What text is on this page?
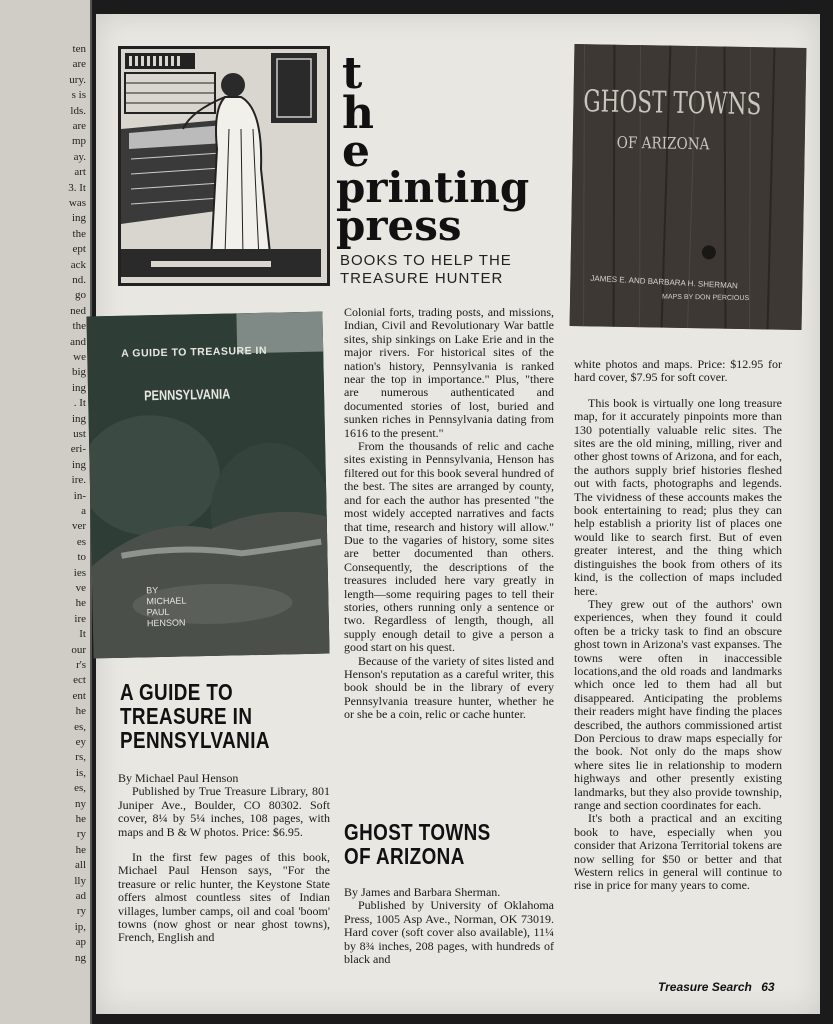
ten
are
ury.
s is
lds.
are
mp
ay.
art
3. It
was
ing
the
ept
ack
nd.
go
ned
the
and
we
big
ing
. It
ing
ust
eri-
ing
ire.
in-
a
ver
es
to
ies
ve
he
ire
It
our
r's
ect
ent
he
es,
ey
rs,
is,
es,
ny
he
ry
he
all
lly
ad
ry
ip,
ap
ng
t
h
e
printing
press
BOOKS TO HELP THE
TREASURE HUNTER
A GUIDE TO TREASURE IN
PENNSYLVANIA
BY
MICHAEL
PAUL
HENSON
GHOST TOWNS
OF ARIZONA
JAMES E. AND BARBARA H. SHERMAN
MAPS BY DON PERCIOUS
A GUIDE TO
TREASURE IN
PENNSYLVANIA

By Michael Paul Henson

Published by True Treasure Library, 801 Juniper Ave., Boulder, CO 80302. Soft cover, 8¼ by 5¼ inches, 108 pages, with maps and B & W photos. Price: $6.95.

In the first few pages of this book, Michael Paul Henson says, "For the treasure or relic hunter, the Keystone State offers almost countless sites of Indian villages, lumber camps, oil and coal 'boom' towns (now ghost or near ghost towns), French, English and

Colonial forts, trading posts, and missions, Indian, Civil and Revolutionary War battle sites, ship sinkings on Lake Erie and in the major rivers. For historical sites of the nation's history, Pennsylvania is ranked near the top in importance." Plus, "there are numerous authenticated and documented stories of lost, buried and sunken riches in Pennsylvania dating from 1616 to the present."

From the thousands of relic and cache sites existing in Pennsylvania, Henson has filtered out for this book several hundred of the best. The sites are arranged by county, and for each the author has presented "the most widely accepted narratives and facts that time, research and history will allow." Due to the vagaries of history, some sites are better documented than others. Consequently, the descriptions of the treasures included here vary greatly in length—some requiring pages to tell their stories, others running only a sentence or two. Regardless of length, though, all supply enough detail to give a person a good start on his quest.

Because of the variety of sites listed and Henson's reputation as a careful writer, this book should be in the library of every Pennsylvania treasure hunter, whether he or she be a coin, relic or cache hunter.

GHOST TOWNS
OF ARIZONA

By James and Barbara Sherman.

Published by University of Oklahoma Press, 1005 Asp Ave., Norman, OK 73019. Hard cover (soft cover also available), 11¼ by 8¾ inches, 208 pages, with hundreds of black and

white photos and maps. Price: $12.95 for hard cover, $7.95 for soft cover.

This book is virtually one long treasure map, for it accurately pinpoints more than 130 potentially valuable relic sites. The sites are the old mining, milling, river and other ghost towns of Arizona, and for each, the authors supply brief histories fleshed out with facts, photographs and legends. The vividness of these accounts makes the book entertaining to read; plus they can help establish a priority list of places one would like to search first. But of even greater interest, and the thing which distinguishes the book from others of its kind, is the collection of maps included here.

They grew out of the authors' own experiences, when they found it could often be a tricky task to find an obscure ghost town in Arizona's vast expanses. The towns were often in inaccessible locations,and the old roads and landmarks which once led to them had all but disappeared. Anticipating the problems their readers might have finding the places described, the authors commissioned artist Don Percious to draw maps especially for the book. Not only do the maps show where sites lie in relationship to modern highways and other presently existing landmarks, but they also provide township, range and section coordinates for each.

It's both a practical and an exciting book to have, especially when you consider that Arizona Territorial tokens are now selling for $50 or better and that Western relics in general will continue to rise in price for many years to come.

Treasure Search 63
